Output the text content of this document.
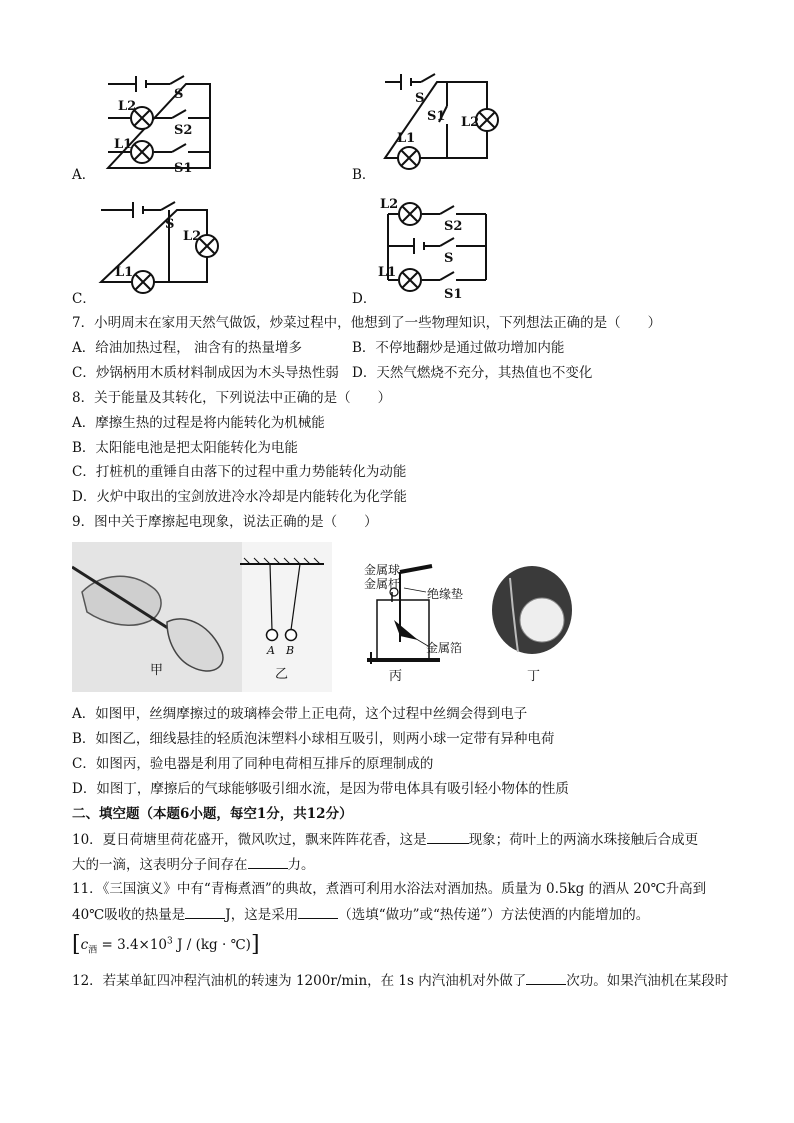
S
L2
S2
L1
S1
A．
S
S1 L2
L1
B．
S
L2
L1
C．
L2
S2
S
L1
S1
D．
7．小明周末在家用天然气做饭，炒菜过程中，他想到了一些物理知识，下列想法正确的是（　　）
A．给油加热过程， 油含有的热量增多	B．不停地翻炒是通过做功增加内能
C．炒锅柄用木质材料制成因为木头导热性弱 D．天然气燃烧不充分，其热值也不变化
8．关于能量及其转化，下列说法中正确的是（　　）
A．摩擦生热的过程是将内能转化为机械能
B．太阳能电池是把太阳能转化为电能
C．打桩机的重锤自由落下的过程中重力势能转化为动能
D．火炉中取出的宝剑放进冷水冷却是内能转化为化学能
9．图中关于摩擦起电现象，说法正确的是（　　）
甲
A B
乙
金属球
金属杆
绝缘垫
金属箔
丙	丁
A．如图甲，丝绸摩擦过的玻璃棒会带上正电荷，这个过程中丝绸会得到电子
B．如图乙，细线悬挂的轻质泡沫塑料小球相互吸引，则两小球一定带有异种电荷
C．如图丙，验电器是利用了同种电荷相互排斥的原理制成的
D．如图丁，摩擦后的气球能够吸引细水流，是因为带电体具有吸引轻小物体的性质
二、填空题（本题6小题，每空1分，共12分）
10．夏日荷塘里荷花盛开，微风吹过，飘来阵阵花香，这是	现象；荷叶上的两滴水珠接触后合成更
大的一滴，这表明分子间存在	力。
11．《三国演义》中有“青梅煮酒”的典故，煮酒可利用水浴法对酒加热。质量为 0.5kg 的酒从 20℃升高到
40℃吸收的热量是	J，这是采用	（选填“做功”或“热传递”）方法使酒的内能增加的。
[$c_酒 = 3.4\times 10^3$ J / (kg · ℃)]
12．若某单缸四冲程汽油机的转速为 1200r/min，在 1s 内汽油机对外做了	次功。如果汽油机在某段时
